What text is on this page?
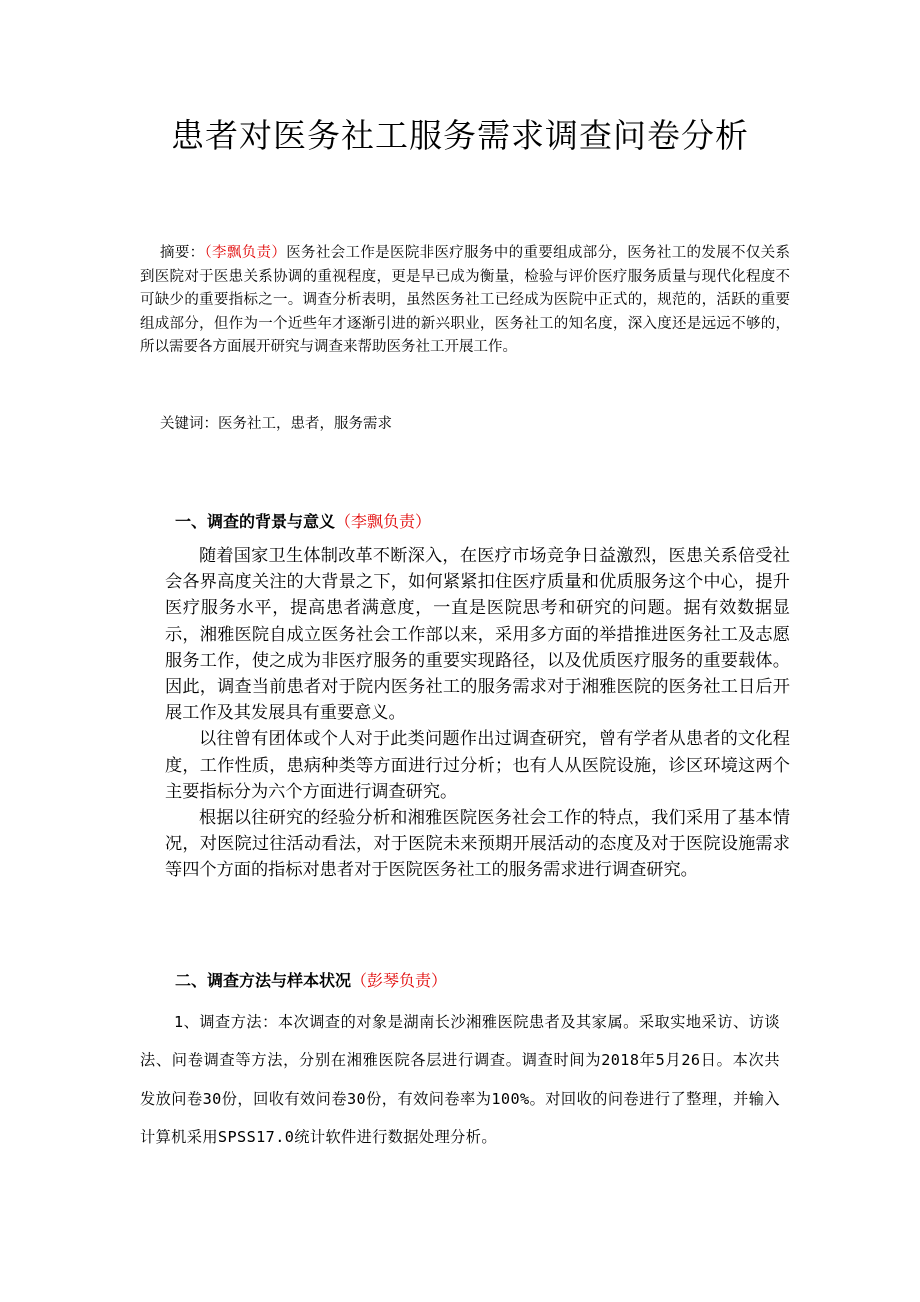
患者对医务社工服务需求调查问卷分析

摘要：（李飘负责）医务社会工作是医院非医疗服务中的重要组成部分，医务社工的发展不仅关系到医院对于医患关系协调的重视程度，更是早已成为衡量，检验与评价医疗服务质量与现代化程度不可缺少的重要指标之一。调查分析表明，虽然医务社工已经成为医院中正式的，规范的，活跃的重要组成部分，但作为一个近些年才逐渐引进的新兴职业，医务社工的知名度，深入度还是远远不够的，所以需要各方面展开研究与调查来帮助医务社工开展工作。

关键词：医务社工，患者，服务需求

一、调查的背景与意义（李飘负责）

随着国家卫生体制改革不断深入，在医疗市场竞争日益激烈，医患关系倍受社会各界高度关注的大背景之下，如何紧紧扣住医疗质量和优质服务这个中心，提升医疗服务水平，提高患者满意度，一直是医院思考和研究的问题。据有效数据显示，湘雅医院自成立医务社会工作部以来，采用多方面的举措推进医务社工及志愿服务工作，使之成为非医疗服务的重要实现路径，以及优质医疗服务的重要载体。因此，调查当前患者对于院内医务社工的服务需求对于湘雅医院的医务社工日后开展工作及其发展具有重要意义。

以往曾有团体或个人对于此类问题作出过调查研究，曾有学者从患者的文化程度，工作性质，患病种类等方面进行过分析；也有人从医院设施，诊区环境这两个主要指标分为六个方面进行调查研究。

根据以往研究的经验分析和湘雅医院医务社会工作的特点，我们采用了基本情况，对医院过往活动看法，对于医院未来预期开展活动的态度及对于医院设施需求等四个方面的指标对患者对于医院医务社工的服务需求进行调查研究。

二、调查方法与样本状况（彭琴负责）

1、调查方法：本次调查的对象是湖南长沙湘雅医院患者及其家属。采取实地采访、访谈法、问卷调查等方法，分别在湘雅医院各层进行调查。调查时间为2018年5月26日。本次共发放问卷30份，回收有效问卷30份，有效问卷率为100%。对回收的问卷进行了整理，并输入计算机采用SPSS17.0统计软件进行数据处理分析。
